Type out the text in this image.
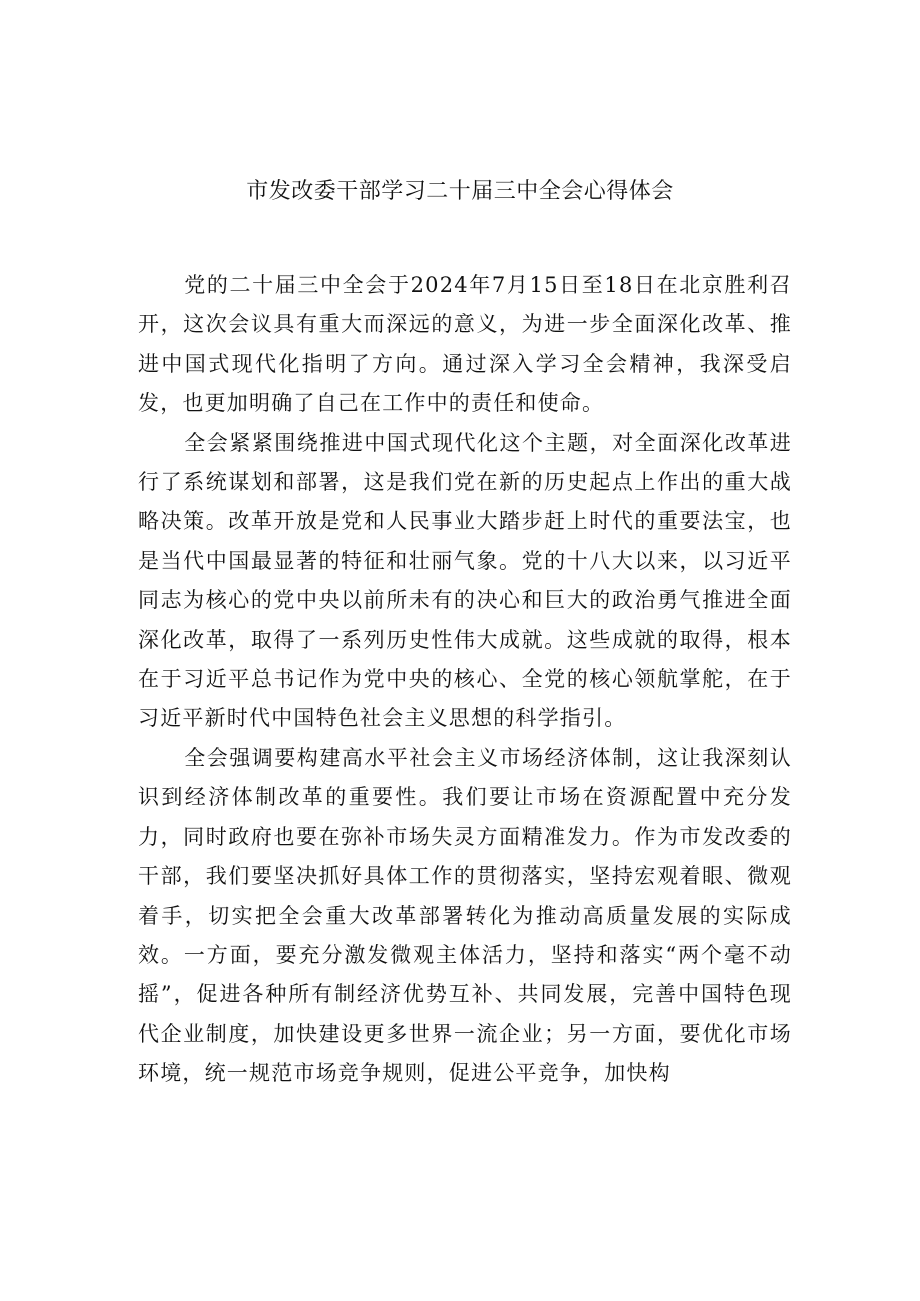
市发改委干部学习二十届三中全会心得体会

党的二十届三中全会于2024年7月15日至18日在北京胜利召开，这次会议具有重大而深远的意义，为进一步全面深化改革、推进中国式现代化指明了方向。通过深入学习全会精神，我深受启发，也更加明确了自己在工作中的责任和使命。

全会紧紧围绕推进中国式现代化这个主题，对全面深化改革进行了系统谋划和部署，这是我们党在新的历史起点上作出的重大战略决策。改革开放是党和人民事业大踏步赶上时代的重要法宝，也是当代中国最显著的特征和壮丽气象。党的十八大以来，以习近平同志为核心的党中央以前所未有的决心和巨大的政治勇气推进全面深化改革，取得了一系列历史性伟大成就。这些成就的取得，根本在于习近平总书记作为党中央的核心、全党的核心领航掌舵，在于习近平新时代中国特色社会主义思想的科学指引。

全会强调要构建高水平社会主义市场经济体制，这让我深刻认识到经济体制改革的重要性。我们要让市场在资源配置中充分发力，同时政府也要在弥补市场失灵方面精准发力。作为市发改委的干部，我们要坚决抓好具体工作的贯彻落实，坚持宏观着眼、微观着手，切实把全会重大改革部署转化为推动高质量发展的实际成效。一方面，要充分激发微观主体活力，坚持和落实“两个毫不动摇”，促进各种所有制经济优势互补、共同发展，完善中国特色现代企业制度，加快建设更多世界一流企业；另一方面，要优化市场环境，统一规范市场竞争规则，促进公平竞争，加快构
